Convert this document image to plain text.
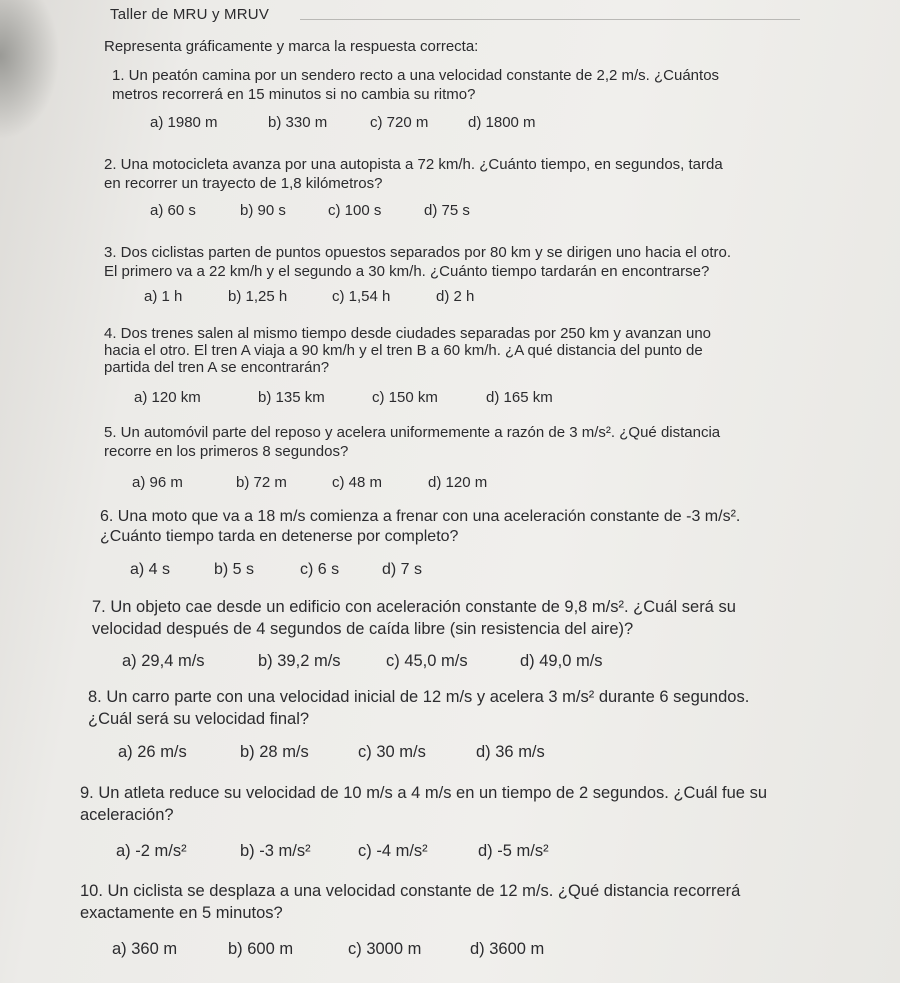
Taller de MRU y MRUV
Representa gráficamente y marca la respuesta correcta:
1. Un peatón camina por un sendero recto a una velocidad constante de 2,2 m/s. ¿Cuántos
metros recorrerá en 15 minutos si no cambia su ritmo?
a) 1980 m	b) 330 m	c) 720 m	d) 1800 m
2. Una motocicleta avanza por una autopista a 72 km/h. ¿Cuánto tiempo, en segundos, tarda
en recorrer un trayecto de 1,8 kilómetros?
a) 60 s	b) 90 s	c) 100 s	d) 75 s
3. Dos ciclistas parten de puntos opuestos separados por 80 km y se dirigen uno hacia el otro.
El primero va a 22 km/h y el segundo a 30 km/h. ¿Cuánto tiempo tardarán en encontrarse?
a) 1 h	b) 1,25 h	c) 1,54 h	d) 2 h
4. Dos trenes salen al mismo tiempo desde ciudades separadas por 250 km y avanzan uno
hacia el otro. El tren A viaja a 90 km/h y el tren B a 60 km/h. ¿A qué distancia del punto de
partida del tren A se encontrarán?
a) 120 km	b) 135 km	c) 150 km	d) 165 km
5. Un automóvil parte del reposo y acelera uniformemente a razón de 3 m/s². ¿Qué distancia
recorre en los primeros 8 segundos?
a) 96 m	b) 72 m	c) 48 m	d) 120 m
6. Una moto que va a 18 m/s comienza a frenar con una aceleración constante de -3 m/s².
¿Cuánto tiempo tarda en detenerse por completo?
a) 4 s	b) 5 s	c) 6 s	d) 7 s
7. Un objeto cae desde un edificio con aceleración constante de 9,8 m/s². ¿Cuál será su
velocidad después de 4 segundos de caída libre (sin resistencia del aire)?
a) 29,4 m/s	b) 39,2 m/s	c) 45,0 m/s	d) 49,0 m/s
8. Un carro parte con una velocidad inicial de 12 m/s y acelera 3 m/s² durante 6 segundos.
¿Cuál será su velocidad final?
a) 26 m/s	b) 28 m/s	c) 30 m/s	d) 36 m/s
9. Un atleta reduce su velocidad de 10 m/s a 4 m/s en un tiempo de 2 segundos. ¿Cuál fue su
aceleración?
a) -2 m/s²	b) -3 m/s²	c) -4 m/s²	d) -5 m/s²
10. Un ciclista se desplaza a una velocidad constante de 12 m/s. ¿Qué distancia recorrerá
exactamente en 5 minutos?
a) 360 m	b) 600 m	c) 3000 m	d) 3600 m
